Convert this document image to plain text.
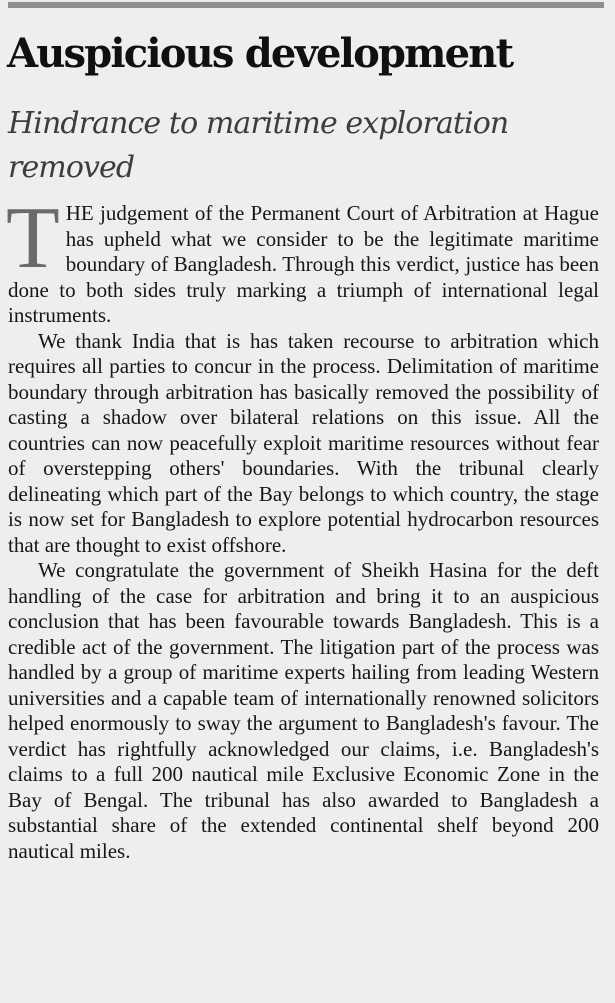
Auspicious development
Hindrance to maritime exploration removed

THE judgement of the Permanent Court of Arbitration at Hague has upheld what we consider to be the legitimate maritime boundary of Bangladesh. Through this verdict, justice has been done to both sides truly marking a triumph of international legal instruments.

We thank India that is has taken recourse to arbitration which requires all parties to concur in the process. Delimitation of maritime boundary through arbitration has basically removed the possibility of casting a shadow over bilateral relations on this issue. All the countries can now peacefully exploit maritime resources without fear of overstepping others' boundaries. With the tribunal clearly delineating which part of the Bay belongs to which country, the stage is now set for Bangladesh to explore potential hydrocarbon resources that are thought to exist offshore.

We congratulate the government of Sheikh Hasina for the deft handling of the case for arbitration and bring it to an auspicious conclusion that has been favourable towards Bangladesh. This is a credible act of the government. The litigation part of the process was handled by a group of maritime experts hailing from leading Western universities and a capable team of internationally renowned solicitors helped enormously to sway the argument to Bangladesh's favour. The verdict has rightfully acknowledged our claims, i.e. Bangladesh's claims to a full 200 nautical mile Exclusive Economic Zone in the Bay of Bengal. The tribunal has also awarded to Bangladesh a substantial share of the extended continental shelf beyond 200 nautical miles.
